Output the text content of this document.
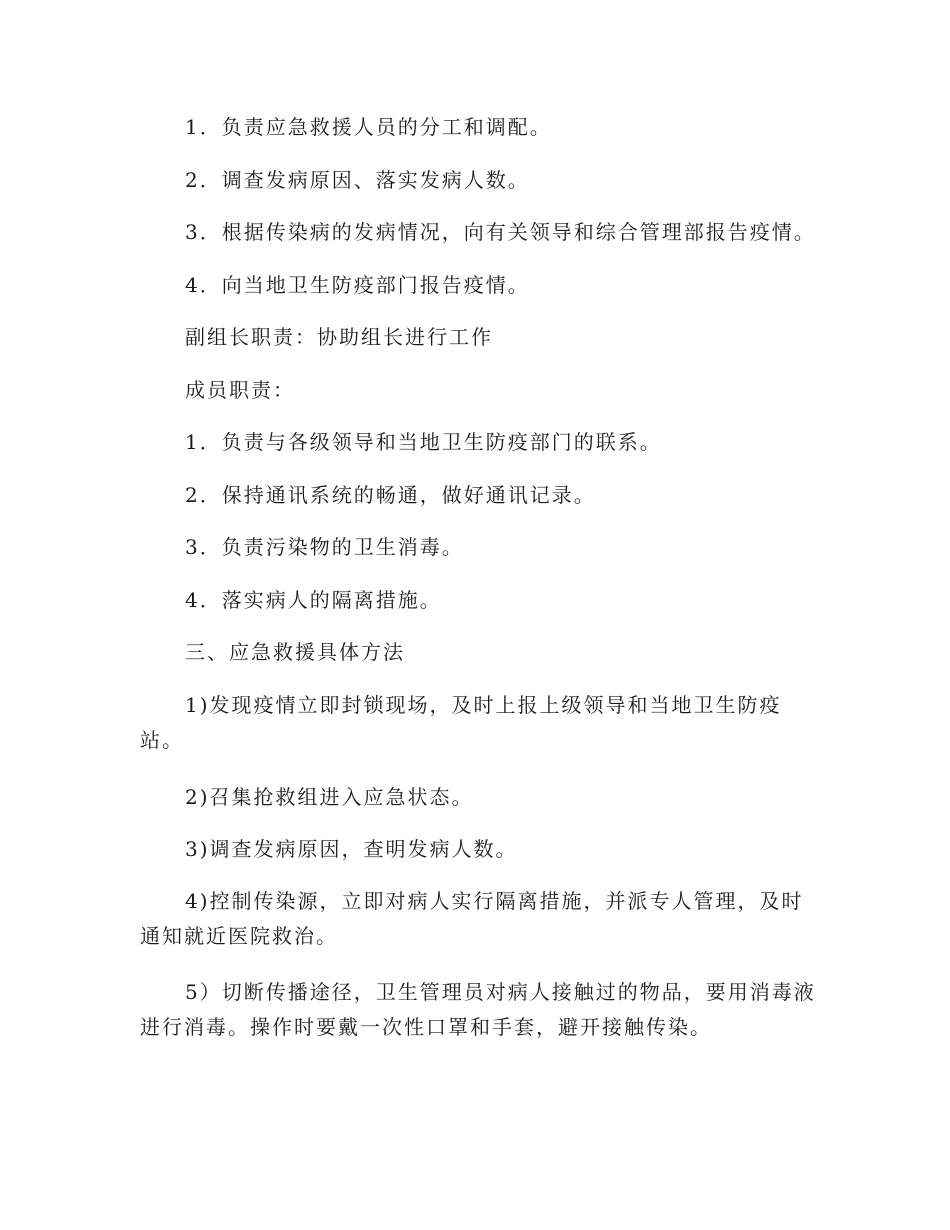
1．负责应急救援人员的分工和调配。

2．调查发病原因、落实发病人数。

3．根据传染病的发病情况，向有关领导和综合管理部报告疫情。

4．向当地卫生防疫部门报告疫情。

副组长职责：协助组长进行工作

成员职责：

1．负责与各级领导和当地卫生防疫部门的联系。

2．保持通讯系统的畅通，做好通讯记录。

3．负责污染物的卫生消毒。

4．落实病人的隔离措施。

三、应急救援具体方法

1)发现疫情立即封锁现场，及时上报上级领导和当地卫生防疫站。

2)召集抢救组进入应急状态。

3)调查发病原因，查明发病人数。

4)控制传染源，立即对病人实行隔离措施，并派专人管理，及时通知就近医院救治。

5）切断传播途径，卫生管理员对病人接触过的物品，要用消毒液进行消毒。操作时要戴一次性口罩和手套，避开接触传染。
